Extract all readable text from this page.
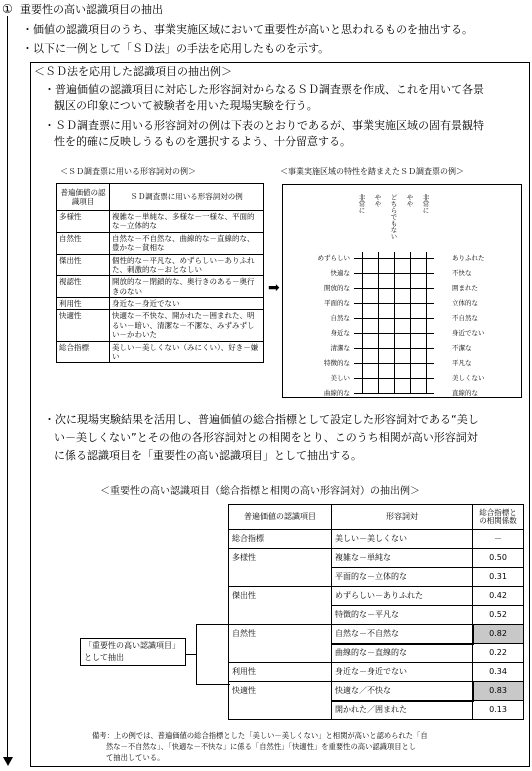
① 重要性の高い認識項目の抽出
・価値の認識項目のうち、事業実施区域において重要性が高いと思われるものを抽出する。
・以下に一例として「ＳＤ法」の手法を応用したものを示す。
＜ＳＤ法を応用した認識項目の抽出例＞
・普遍価値の認識項目に対応した形容詞対からなるＳＤ調査票を作成、これを用いて各景
観区の印象について被験者を用いた現場実験を行う。
・ＳＤ調査票に用いる形容詞対の例は下表のとおりであるが、事業実施区域の固有景観特
性を的確に反映しうるものを選択するよう、十分留意する。
＜ＳＤ調査票に用いる形容詞対の例＞
普遍価値の認識項目	ＳＤ調査票に用いる形容詞対の例
多様性	複雑な－単純な、多様な－一様な、平面的な－立体的な
自然性	自然な－不自然な、曲線的な－直線的な、豊かな－貧相な
傑出性	個性的な－平凡な、めずらしい－ありふれた、刺激的な－おとなしい
視認性	開放的な－閉鎖的な、奥行きのある－奥行きのない
利用性	身近な－身近でない
快適性	快適な－不快な、開かれた－囲まれた、明るい－暗い、清潔な－不潔な、みずみずしい－かわいた
総合指標	美しい－美しくない（みにくい）、好き－嫌い
➡
＜事業実施区域の特性を踏まえたＳＤ調査票の例＞
非常に やや どちらでもない やや 非常に
めずらしい	ありふれた
快適な	不快な
開放的な	囲まれた
平面的な	立体的な
自然な	不自然な
身近な	身近でない
清潔な	不潔な
特徴的な	平凡な
美しい	美しくない
曲線的な	直線的な
・次に現場実験結果を活用し、普遍価値の総合指標として設定した形容詞対である“美し
い－美しくない”とその他の各形容詞対との相関をとり、このうち相関が高い形容詞対
に係る認識項目を「重要性の高い認識項目」として抽出する。
＜重要性の高い認識項目（総合指標と相関の高い形容詞対）の抽出例＞
普遍価値の認識項目	形容詞対	総合指標との相関係数
総合指標	美しい－美しくない	－
多様性	複雑な－単純な	0.50
	平面的な－立体的な	0.31
傑出性	めずらしい－ありふれた	0.42
	特徴的な－平凡な	0.52
自然性	自然な－不自然な	0.82
	曲線的な－直線的な	0.22
利用性	身近な－身近でない	0.34
快適性	快適な／不快な	0.83
	開かれた／囲まれた	0.13
「重要性の高い認識項目」
として抽出
備考：上の例では、普遍価値の総合指標とした「美しい－美しくない」と相関が高いと認められた「自
然な－不自然な」、「快適な－不快な」に係る「自然性」「快適性」を重要性の高い認識項目とし
て抽出している。
